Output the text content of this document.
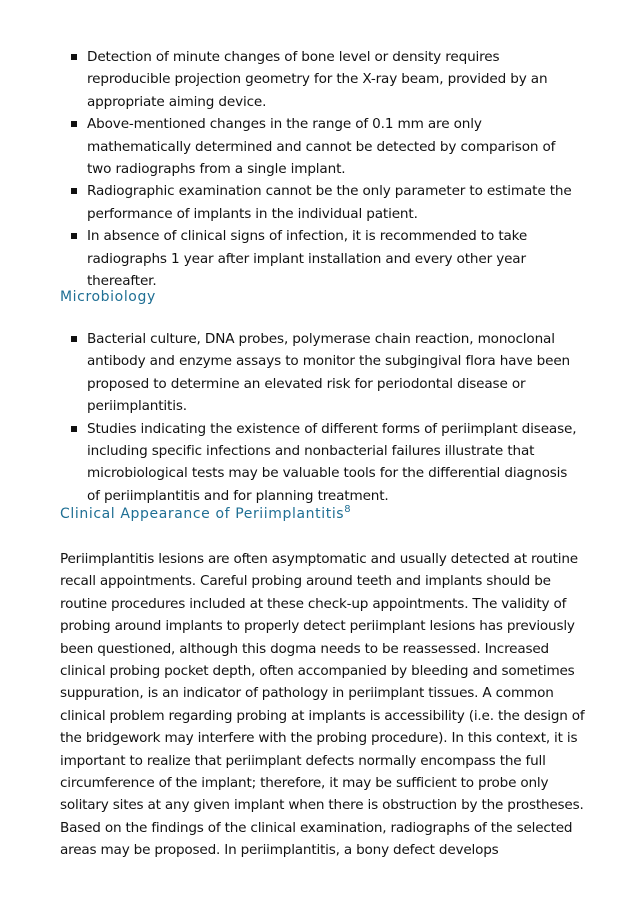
Detection of minute changes of bone level or density requires reproducible projection geometry for the X-ray beam, provided by an appropriate aiming device.
Above-mentioned changes in the range of 0.1 mm are only mathematically determined and cannot be detected by comparison of two radiographs from a single implant.
Radiographic examination cannot be the only parameter to estimate the performance of implants in the individual patient.
In absence of clinical signs of infection, it is recommended to take radiographs 1 year after implant installation and every other year thereafter.
Microbiology
Bacterial culture, DNA probes, polymerase chain reaction, monoclonal antibody and enzyme assays to monitor the subgingival flora have been proposed to determine an elevated risk for periodontal disease or periimplantitis.
Studies indicating the existence of different forms of periimplant disease, including specific infections and nonbacterial failures illustrate that microbiological tests may be valuable tools for the differential diagnosis of periimplantitis and for planning treatment.
Clinical Appearance of Periimplantitis$^8$

Periimplantitis lesions are often asymptomatic and usually detected at routine recall appointments. Careful probing around teeth and implants should be routine procedures included at these check-up appointments. The validity of probing around implants to properly detect periimplant lesions has previously been questioned, although this dogma needs to be reassessed. Increased clinical probing pocket depth, often accompanied by bleeding and sometimes suppuration, is an indicator of pathology in periimplant tissues. A common clinical problem regarding probing at implants is accessibility (i.e. the design of the bridgework may interfere with the probing procedure). In this context, it is important to realize that periimplant defects normally encompass the full circumference of the implant; therefore, it may be sufficient to probe only solitary sites at any given implant when there is obstruction by the prostheses. Based on the findings of the clinical examination, radiographs of the selected areas may be proposed. In periimplantitis, a bony defect develops
